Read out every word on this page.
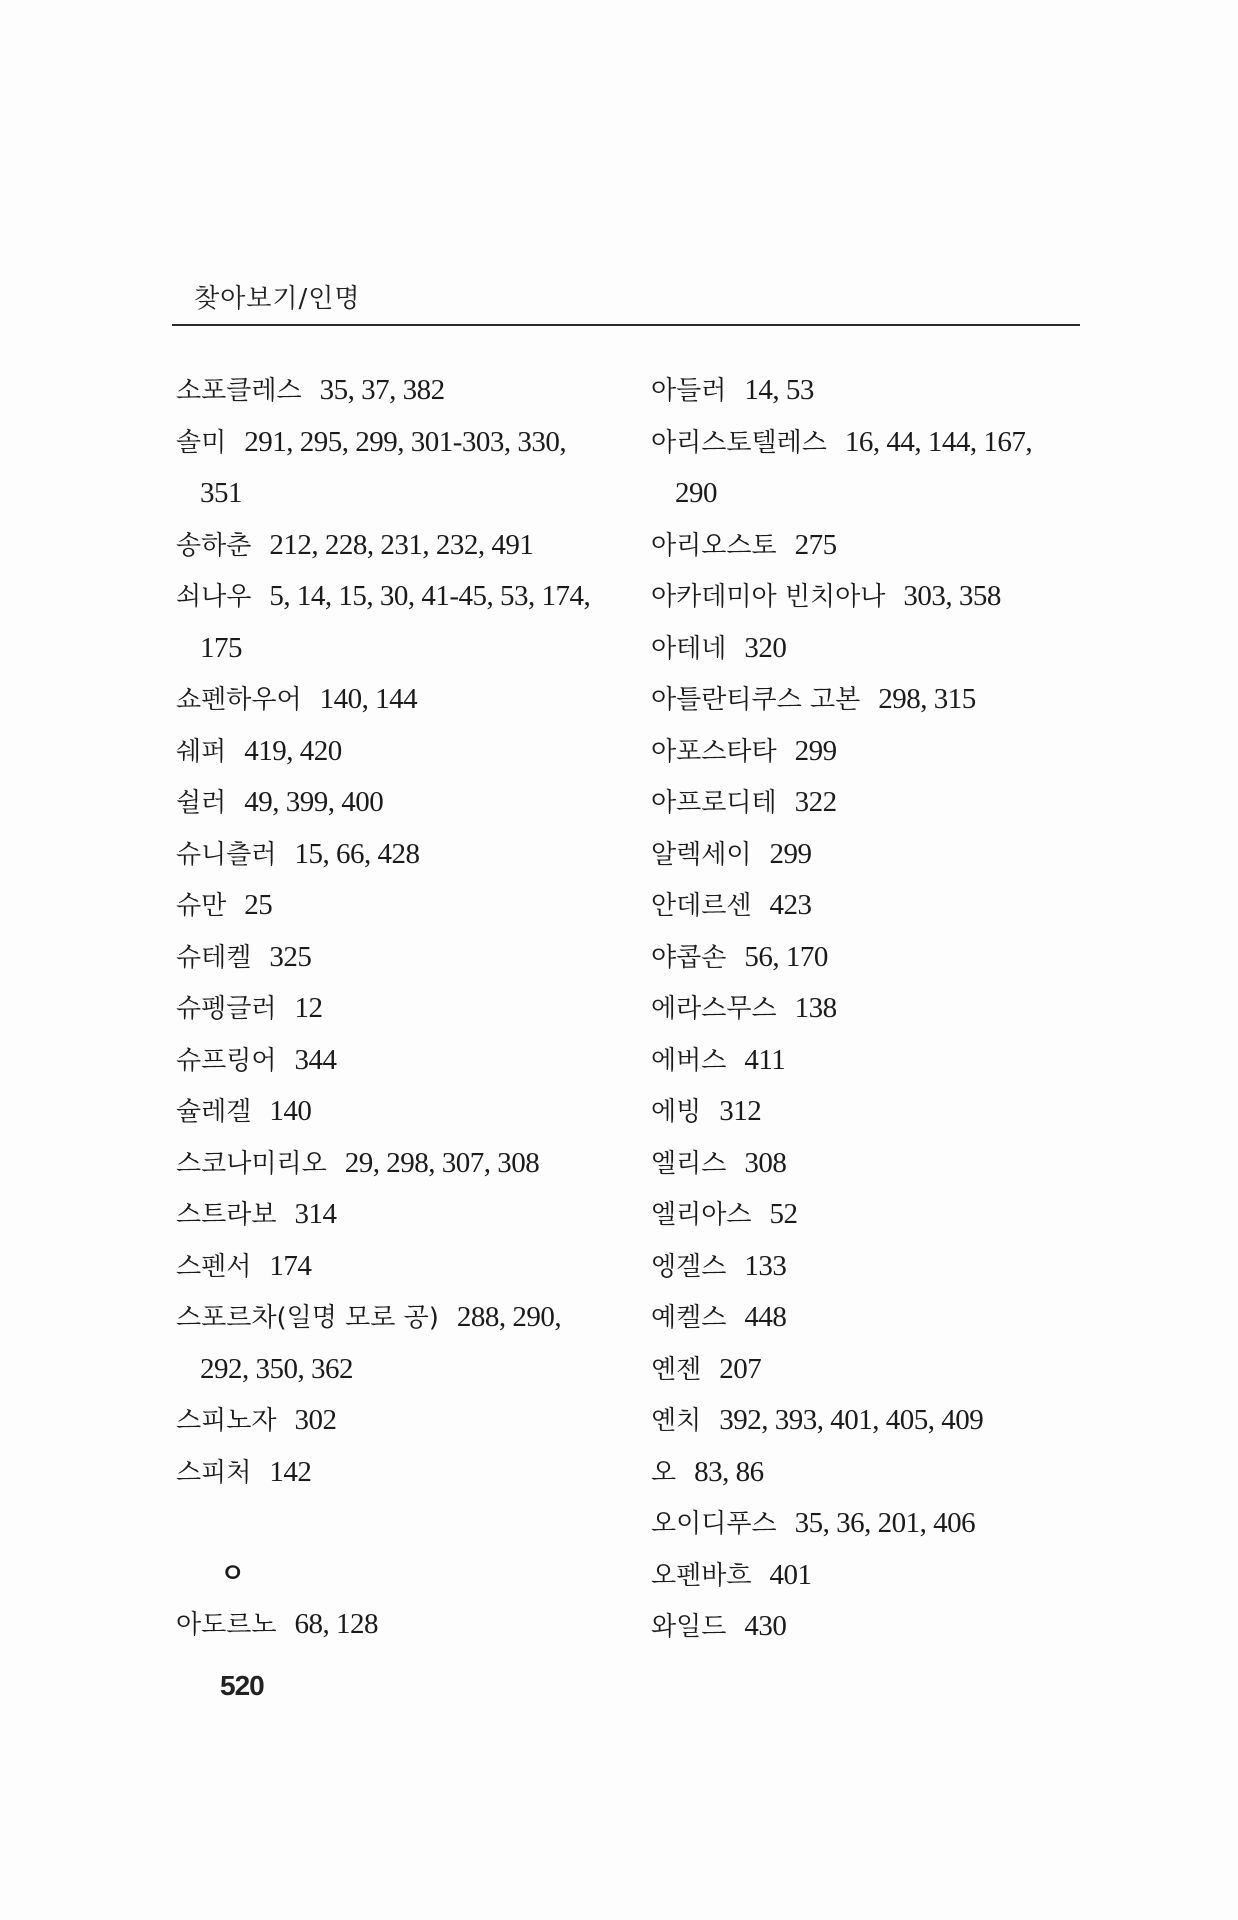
찾아보기/인명
소포클레스 35, 37, 382
솔미 291, 295, 299, 301-303, 330,
351
송하춘 212, 228, 231, 232, 491
쇠나우 5, 14, 15, 30, 41-45, 53, 174,
175
쇼펜하우어 140, 144
쉐퍼 419, 420
쉴러 49, 399, 400
슈니츨러 15, 66, 428
슈만 25
슈테켈 325
슈펭글러 12
슈프링어 344
슐레겔 140
스코나미리오 29, 298, 307, 308
스트라보 314
스펜서 174
스포르차(일명 모로 공) 288, 290,
292, 350, 362
스피노자 302
스피처 142
ㅇ
아도르노 68, 128
아들러 14, 53
아리스토텔레스 16, 44, 144, 167,
290
아리오스토 275
아카데미아 빈치아나 303, 358
아테네 320
아틀란티쿠스 고본 298, 315
아포스타타 299
아프로디테 322
알렉세이 299
안데르센 423
야콥손 56, 170
에라스무스 138
에버스 411
에빙 312
엘리스 308
엘리아스 52
엥겔스 133
예켈스 448
옌젠 207
옌치 392, 393, 401, 405, 409
오 83, 86
오이디푸스 35, 36, 201, 406
오펜바흐 401
와일드 430
520
